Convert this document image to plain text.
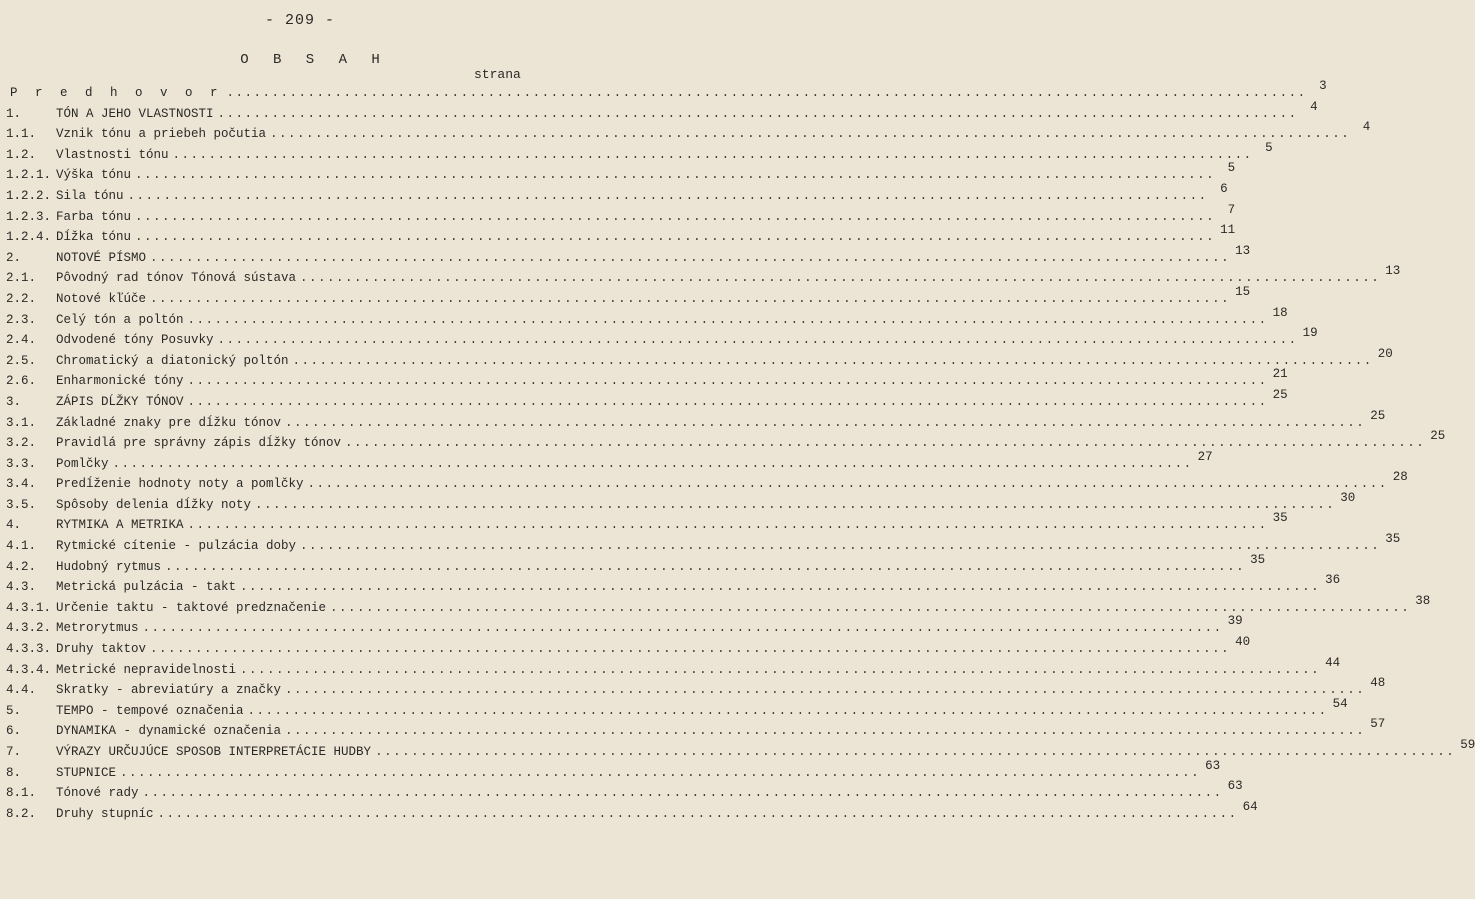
- 209 -
O B S A H
strana
P r e d h o v o r ........................................................................................................................ 3
1.	TÓN A JEHO VLASTNOSTI ........................................................................................................................ 4
1.1.	Vznik tónu a priebeh počutia ........................................................................................................................ 4
1.2.	Vlastnosti tónu ........................................................................................................................ 5
1.2.1. Výška tónu ........................................................................................................................ 5
1.2.2. Sila tónu ........................................................................................................................ 6
1.2.3. Farba tónu ........................................................................................................................ 7
1.2.4. Dĺžka tónu ........................................................................................................................ 11
2.	NOTOVÉ PÍSMO ........................................................................................................................ 13
2.1.	Pôvodný rad tónov Tónová sústava ........................................................................................................................ 13
2.2.	Notové kľúče ........................................................................................................................ 15
2.3.	Celý tón a poltón ........................................................................................................................ 18
2.4.	Odvodené tóny Posuvky ........................................................................................................................ 19
2.5.	Chromatický a diatonický poltón ........................................................................................................................ 20
2.6.	Enharmonické tóny ........................................................................................................................ 21
3.	ZÁPIS DĹŽKY TÓNOV ........................................................................................................................ 25
3.1.	Základné znaky pre dĺžku tónov ........................................................................................................................ 25
3.2.	Pravidlá pre správny zápis dĺžky tónov ........................................................................................................................ 25
3.3.	Pomlčky ........................................................................................................................ 27
3.4.	Predĺženie hodnoty noty a pomlčky ........................................................................................................................ 28
3.5.	Spôsoby delenia dĺžky noty ........................................................................................................................ 30
4.	RYTMIKA A METRIKA ........................................................................................................................ 35
4.1.	Rytmické cítenie - pulzácia doby ........................................................................................................................ 35
4.2.	Hudobný rytmus ........................................................................................................................ 35
4.3.	Metrická pulzácia - takt ........................................................................................................................ 36
4.3.1. Určenie taktu - taktové predznačenie ........................................................................................................................ 38
4.3.2. Metrorytmus ........................................................................................................................ 39
4.3.3. Druhy taktov ........................................................................................................................ 40
4.3.4. Metrické nepravidelnosti ........................................................................................................................ 44
4.4.	Skratky - abreviatúry a značky ........................................................................................................................ 48
5.	TEMPO - tempové označenia ........................................................................................................................ 54
6.	DYNAMIKA - dynamické označenia ........................................................................................................................ 57
7.	VÝRAZY URČUJÚCE SPOSOB INTERPRETÁCIE HUDBY ........................................................................................................................ 59
8.	STUPNICE ........................................................................................................................ 63
8.1.	Tónové rady ........................................................................................................................ 63
8.2.	Druhy stupníc ........................................................................................................................ 64
